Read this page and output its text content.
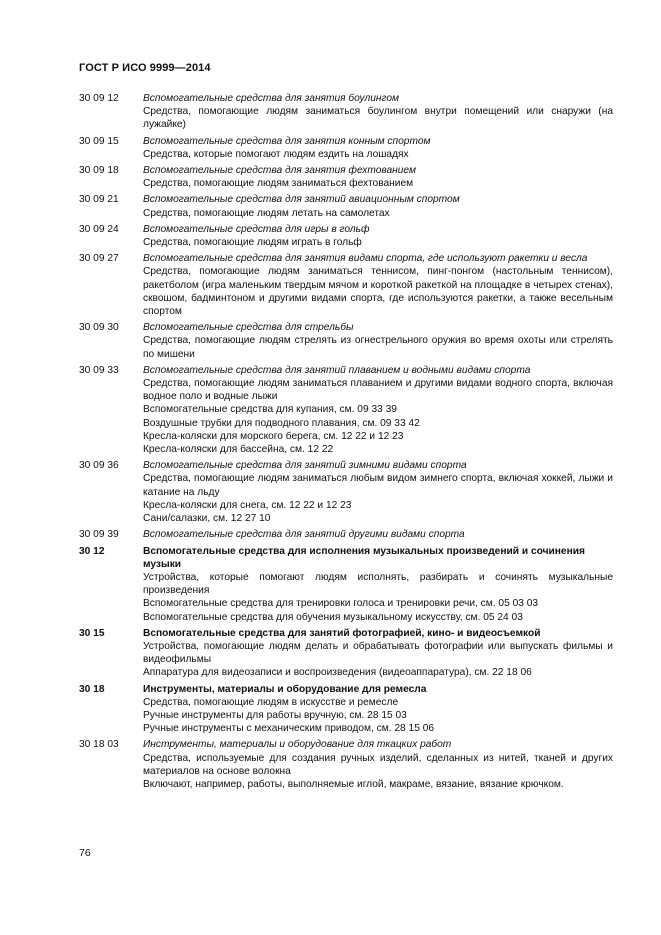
ГОСТ Р ИСО 9999—2014
30 09 12	Вспомогательные средства для занятия боулингом
Средства, помогающие людям заниматься боулингом внутри помещений или снаружи (на лужайке)
30 09 15	Вспомогательные средства для занятия конным спортом
Средства, которые помогают людям ездить на лошадях
30 09 18	Вспомогательные средства для занятия фехтованием
Средства, помогающие людям заниматься фехтованием
30 09 21	Вспомогательные средства для занятий авиационным спортом
Средства, помогающие людям летать на самолетах
30 09 24	Вспомогательные средства для игры в гольф
Средства, помогающие людям играть в гольф
30 09 27	Вспомогательные средства для занятия видами спорта, где используют ракетки и весла
Средства, помогающие людям заниматься теннисом, пинг-понгом (настольным теннисом), ракетболом (игра маленьким твердым мячом и короткой ракеткой на площадке в четырех стенах), сквошом, бадминтоном и другими видами спорта, где используются ракетки, а также весельным спортом
30 09 30	Вспомогательные средства для стрельбы
Средства, помогающие людям стрелять из огнестрельного оружия во время охоты или стрелять по мишени
30 09 33	Вспомогательные средства для занятий плаванием и водными видами спорта
Средства, помогающие людям заниматься плаванием и другими видами водного спорта, включая водное поло и водные лыжи
Вспомогательные средства для купания, см. 09 33 39
Воздушные трубки для подводного плавания, см. 09 33 42
Кресла-коляски для морского берега, см. 12 22 и 12 23
Кресла-коляски для бассейна, см. 12 22
30 09 36	Вспомогательные средства для занятий зимними видами спорта
Средства, помогающие людям заниматься любым видом зимнего спорта, включая хоккей, лыжи и катание на льду
Кресла-коляски для снега, см. 12 22 и 12 23
Сани/салазки, см. 12 27 10
30 09 39	Вспомогательные средства для занятий другими видами спорта
30 12	Вспомогательные средства для исполнения музыкальных произведений и сочинения музыки
Устройства, которые помогают людям исполнять, разбирать и сочинять музыкальные произведения
Вспомогательные средства для тренировки голоса и тренировки речи, см. 05 03 03
Вспомогательные средства для обучения музыкальному искусству, см. 05 24 03
30 15	Вспомогательные средства для занятий фотографией, кино- и видеосъемкой
Устройства, помогающие людям делать и обрабатывать фотографии или выпускать фильмы и видеофильмы
Аппаратура для видеозаписи и воспроизведения (видеоаппаратура), см. 22 18 06
30 18	Инструменты, материалы и оборудование для ремесла
Средства, помогающие людям в искусстве и ремесле
Ручные инструменты для работы вручную, см. 28 15 03
Ручные инструменты с механическим приводом, см. 28 15 06
30 18 03	Инструменты, материалы и оборудование для ткацких работ
Средства, используемые для создания ручных изделий, сделанных из нитей, тканей и других материалов на основе волокна
Включают, например, работы, выполняемые иглой, макраме, вязание, вязание крючком.
76
